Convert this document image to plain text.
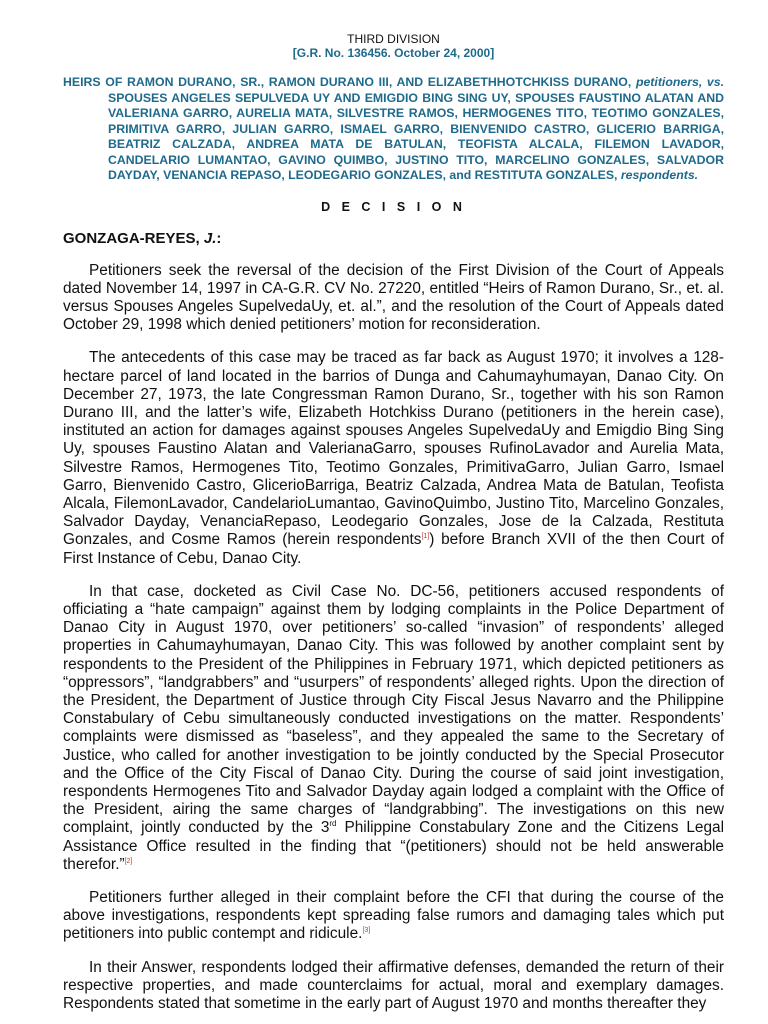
THIRD DIVISION
[G.R. No. 136456. October 24, 2000]
HEIRS OF RAMON DURANO, SR., RAMON DURANO III, AND ELIZABETHHOTCHKISS DURANO, petitioners, vs. SPOUSES ANGELES SEPULVEDA UY AND EMIGDIO BING SING UY, SPOUSES FAUSTINO ALATAN AND VALERIANA GARRO, AURELIA MATA, SILVESTRE RAMOS, HERMOGENES TITO, TEOTIMO GONZALES, PRIMITIVA GARRO, JULIAN GARRO, ISMAEL GARRO, BIENVENIDO CASTRO, GLICERIO BARRIGA, BEATRIZ CALZADA, ANDREA MATA DE BATULAN, TEOFISTA ALCALA, FILEMON LAVADOR, CANDELARIO LUMANTAO, GAVINO QUIMBO, JUSTINO TITO, MARCELINO GONZALES, SALVADOR DAYDAY, VENANCIA REPASO, LEODEGARIO GONZALES, and RESTITUTA GONZALES, respondents.
D E C I S I O N
GONZAGA-REYES, J.:

Petitioners seek the reversal of the decision of the First Division of the Court of Appeals dated November 14, 1997 in CA-G.R. CV No. 27220, entitled “Heirs of Ramon Durano, Sr., et. al. versus Spouses Angeles SupelvedaUy, et. al.”, and the resolution of the Court of Appeals dated October 29, 1998 which denied petitioners’ motion for reconsideration.

The antecedents of this case may be traced as far back as August 1970; it involves a 128-hectare parcel of land located in the barrios of Dunga and Cahumayhumayan, Danao City. On December 27, 1973, the late Congressman Ramon Durano, Sr., together with his son Ramon Durano III, and the latter’s wife, Elizabeth Hotchkiss Durano (petitioners in the herein case), instituted an action for damages against spouses Angeles SupelvedaUy and Emigdio Bing Sing Uy, spouses Faustino Alatan and ValerianaGarro, spouses RufinoLavador and Aurelia Mata, Silvestre Ramos, Hermogenes Tito, Teotimo Gonzales, PrimitivaGarro, Julian Garro, Ismael Garro, Bienvenido Castro, GlicerioBarriga, Beatriz Calzada, Andrea Mata de Batulan, Teofista Alcala, FilemonLavador, CandelarioLumantao, GavinoQuimbo, Justino Tito, Marcelino Gonzales, Salvador Dayday, VenanciaRepaso, Leodegario Gonzales, Jose de la Calzada, Restituta Gonzales, and Cosme Ramos (herein respondents[1]) before Branch XVII of the then Court of First Instance of Cebu, Danao City.

In that case, docketed as Civil Case No. DC-56, petitioners accused respondents of officiating a “hate campaign” against them by lodging complaints in the Police Department of Danao City in August 1970, over petitioners’ so-called “invasion” of respondents’ alleged properties in Cahumayhumayan, Danao City. This was followed by another complaint sent by respondents to the President of the Philippines in February 1971, which depicted petitioners as “oppressors”, “landgrabbers” and “usurpers” of respondents’ alleged rights. Upon the direction of the President, the Department of Justice through City Fiscal Jesus Navarro and the Philippine Constabulary of Cebu simultaneously conducted investigations on the matter. Respondents’ complaints were dismissed as “baseless”, and they appealed the same to the Secretary of Justice, who called for another investigation to be jointly conducted by the Special Prosecutor and the Office of the City Fiscal of Danao City. During the course of said joint investigation, respondents Hermogenes Tito and Salvador Dayday again lodged a complaint with the Office of the President, airing the same charges of “landgrabbing”. The investigations on this new complaint, jointly conducted by the 3rd Philippine Constabulary Zone and the Citizens Legal Assistance Office resulted in the finding that “(petitioners) should not be held answerable therefor.”[2]

Petitioners further alleged in their complaint before the CFI that during the course of the above investigations, respondents kept spreading false rumors and damaging tales which put petitioners into public contempt and ridicule.[3]

In their Answer, respondents lodged their affirmative defenses, demanded the return of their respective properties, and made counterclaims for actual, moral and exemplary damages. Respondents stated that sometime in the early part of August 1970 and months thereafter they
